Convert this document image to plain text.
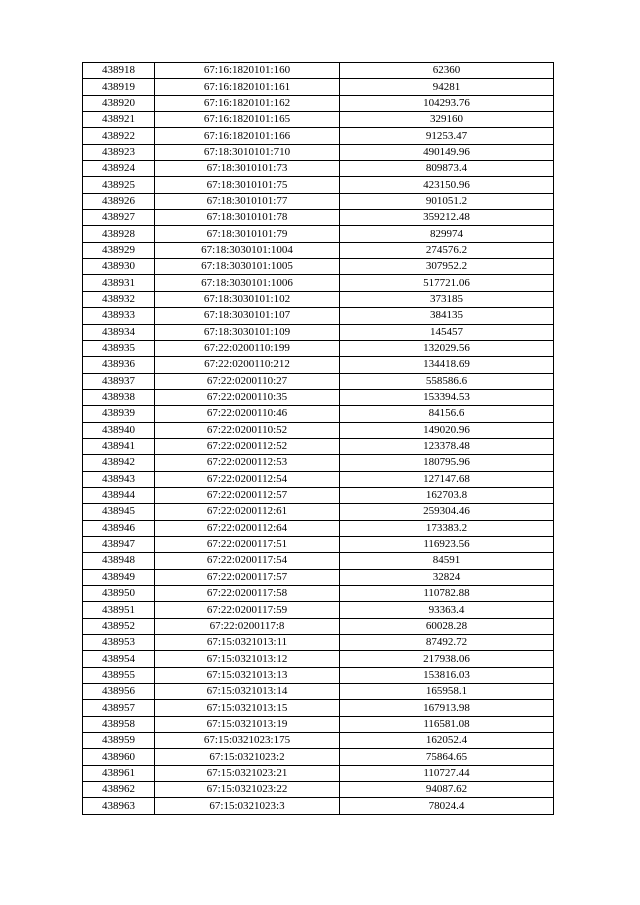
438918	67:16:1820101:160	62360
438919	67:16:1820101:161	94281
438920	67:16:1820101:162	104293.76
438921	67:16:1820101:165	329160
438922	67:16:1820101:166	91253.47
438923	67:18:3010101:710	490149.96
438924	67:18:3010101:73	809873.4
438925	67:18:3010101:75	423150.96
438926	67:18:3010101:77	901051.2
438927	67:18:3010101:78	359212.48
438928	67:18:3010101:79	829974
438929	67:18:3030101:1004	274576.2
438930	67:18:3030101:1005	307952.2
438931	67:18:3030101:1006	517721.06
438932	67:18:3030101:102	373185
438933	67:18:3030101:107	384135
438934	67:18:3030101:109	145457
438935	67:22:0200110:199	132029.56
438936	67:22:0200110:212	134418.69
438937	67:22:0200110:27	558586.6
438938	67:22:0200110:35	153394.53
438939	67:22:0200110:46	84156.6
438940	67:22:0200110:52	149020.96
438941	67:22:0200112:52	123378.48
438942	67:22:0200112:53	180795.96
438943	67:22:0200112:54	127147.68
438944	67:22:0200112:57	162703.8
438945	67:22:0200112:61	259304.46
438946	67:22:0200112:64	173383.2
438947	67:22:0200117:51	116923.56
438948	67:22:0200117:54	84591
438949	67:22:0200117:57	32824
438950	67:22:0200117:58	110782.88
438951	67:22:0200117:59	93363.4
438952	67:22:0200117:8	60028.28
438953	67:15:0321013:11	87492.72
438954	67:15:0321013:12	217938.06
438955	67:15:0321013:13	153816.03
438956	67:15:0321013:14	165958.1
438957	67:15:0321013:15	167913.98
438958	67:15:0321013:19	116581.08
438959	67:15:0321023:175	162052.4
438960	67:15:0321023:2	75864.65
438961	67:15:0321023:21	110727.44
438962	67:15:0321023:22	94087.62
438963	67:15:0321023:3	78024.4
